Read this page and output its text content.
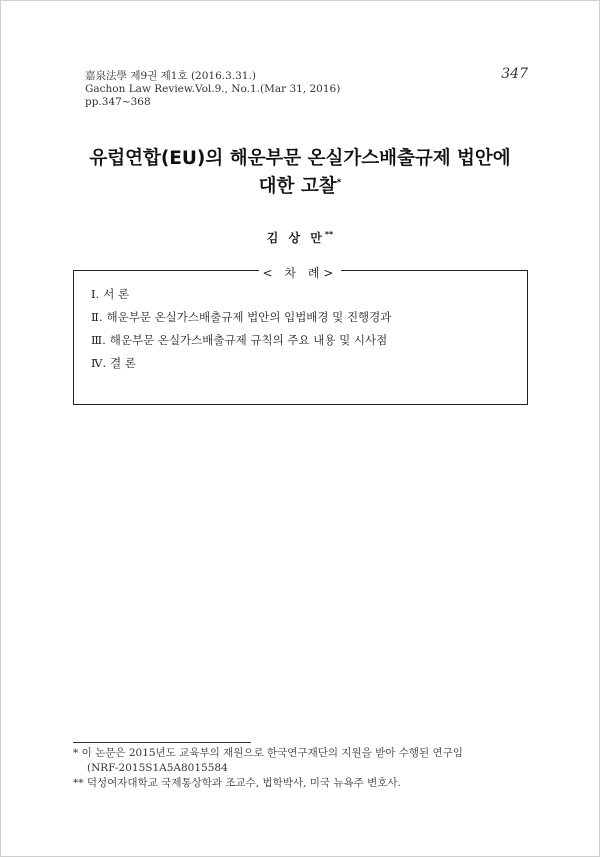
嘉泉法學 제9권 제1호 (2016.3.31.)
Gachon Law Review.Vol.9., No.1.(Mar 31, 2016)
pp.347~368
347
유럽연합(EU)의 해운부문 온실가스배출규제 법안에
대한 고찰*
김 상 만**
< 차 례>
Ⅰ. 서 론
Ⅱ. 해운부문 온실가스배출규제 법안의 입법배경 및 진행경과
Ⅲ. 해운부문 온실가스배출규제 규칙의 주요 내용 및 시사점
Ⅳ. 결 론
* 이 논문은 2015년도 교육부의 재원으로 한국연구재단의 지원을 받아 수행된 연구임
(NRF-2015S1A5A8015584
** 덕성여자대학교 국제통상학과 조교수, 법학박사, 미국 뉴욕주 변호사.
